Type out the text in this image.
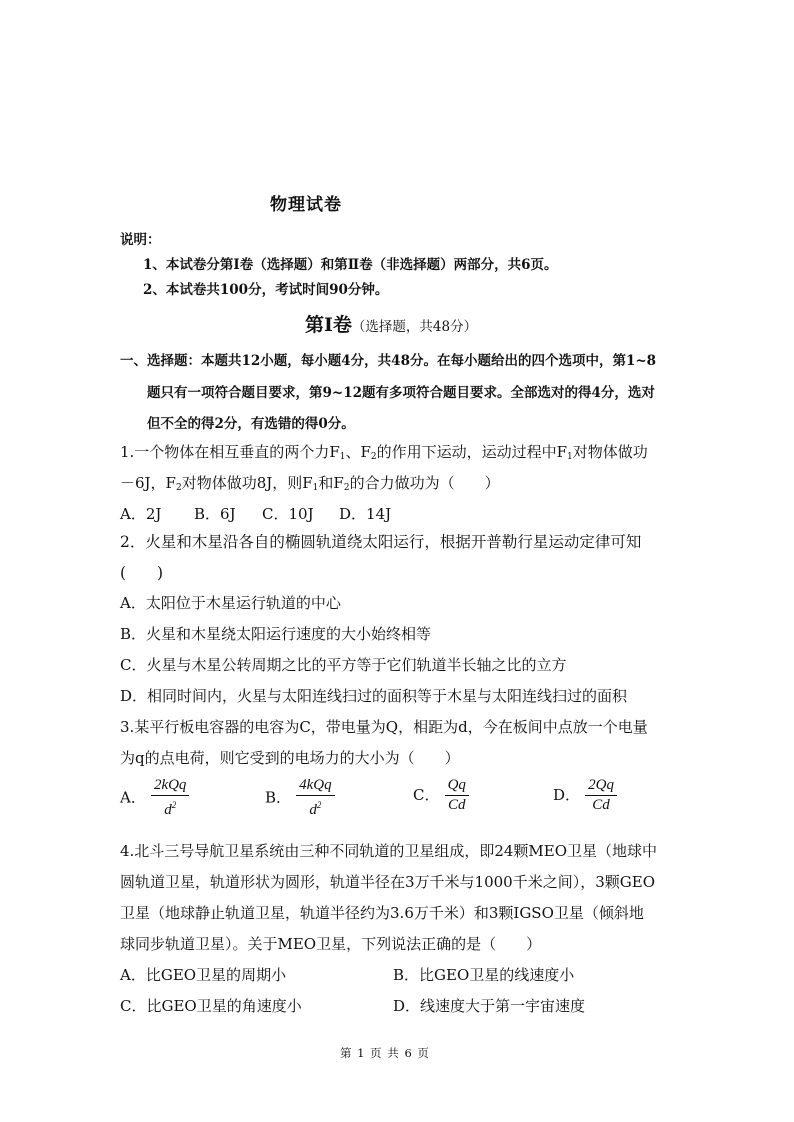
物理试卷
说明：
1、本试卷分第Ⅰ卷（选择题）和第Ⅱ卷（非选择题）两部分，共6页。
2、本试卷共100分，考试时间90分钟。
第Ⅰ卷（选择题，共48分）
一、选择题：本题共12小题，每小题4分，共48分。在每小题给出的四个选项中，第1~8
题只有一项符合题目要求，第9~12题有多项符合题目要求。全部选对的得4分，选对
但不全的得2分，有选错的得0分。
1.一个物体在相互垂直的两个力$F_1$、$F_2$的作用下运动，运动过程中$F_1$对物体做功
－6J，$F_2$对物体做功8J，则$F_1$和$F_2$的合力做功为（　　）
A．2J B．6J C．10J D．14J
2．火星和木星沿各自的椭圆轨道绕太阳运行，根据开普勒行星运动定律可知
(　　)
A．太阳位于木星运行轨道的中心
B．火星和木星绕太阳运行速度的大小始终相等
C．火星与木星公转周期之比的平方等于它们轨道半长轴之比的立方
D．相同时间内，火星与太阳连线扫过的面积等于木星与太阳连线扫过的面积
3.某平行板电容器的电容为C，带电量为Q，相距为d，今在板间中点放一个电量
为q的点电荷，则它受到的电场力的大小为（　　）
A． $\frac{\text{2kQq}}{d^2}$	B． $\frac{\text{4kQq}}{d^2}$	C． $\frac{Qq}{Cd}$	D． $\frac{2Qq}{Cd}$
4.北斗三号导航卫星系统由三种不同轨道的卫星组成，即24颗MEO卫星（地球中
圆轨道卫星，轨道形状为圆形，轨道半径在3万千米与1000千米之间），3颗GEO
卫星（地球静止轨道卫星，轨道半径约为3.6万千米）和3颗IGSO卫星（倾斜地
球同步轨道卫星）。关于MEO卫星，下列说法正确的是（　　）
A．比GEO卫星的周期小	B．比GEO卫星的线速度小
C．比GEO卫星的角速度小	D．线速度大于第一宇宙速度
第 1 页 共 6 页
